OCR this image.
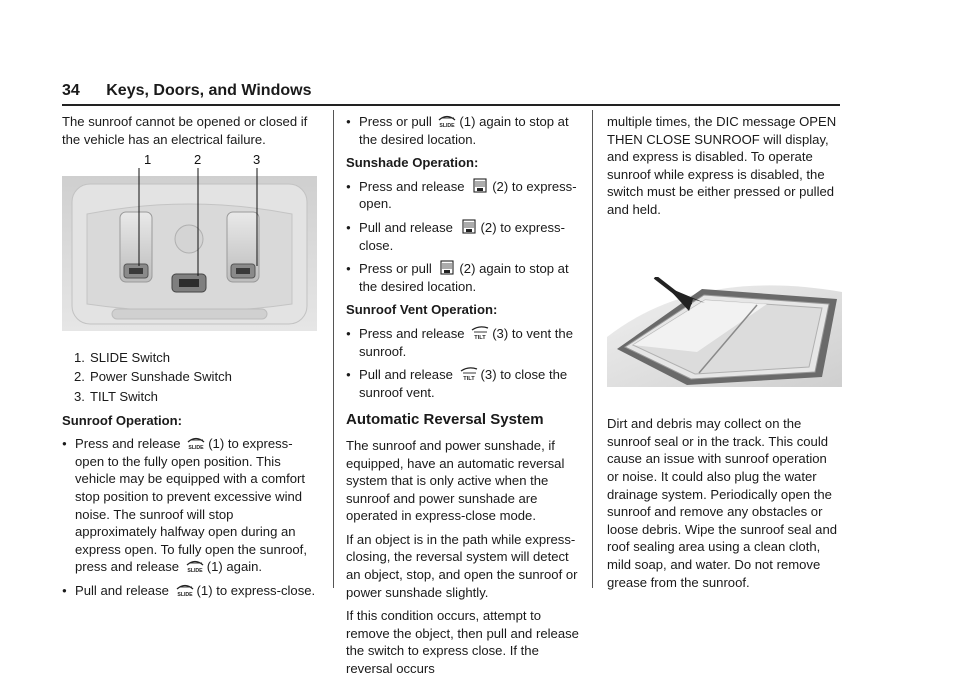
34 Keys, Doors, and Windows

The sunroof cannot be opened or closed if the vehicle has an electrical failure.

1	2	3
1. SLIDE Switch
2. Power Sunshade Switch
3. TILT Switch
Sunroof Operation:
● Press and release (1) to express-open to the fully open position. This vehicle may be equipped with a comfort stop position to prevent excessive wind noise. The sunroof will stop approximately halfway open during an express open. To fully open the sunroof, press and release (1) again.
● Pull and release (1) to express-close.
● Press or pull (1) again to stop at the desired location.
Sunshade Operation:
● Press and release (2) to express-open.
● Pull and release (2) to express-close.
● Press or pull (2) again to stop at the desired location.
Sunroof Vent Operation:
● Press and release (3) to vent the sunroof.
● Pull and release (3) to close the sunroof vent.
Automatic Reversal System

The sunroof and power sunshade, if equipped, have an automatic reversal system that is only active when the sunroof and power sunshade are operated in express-close mode.

If an object is in the path while express-closing, the reversal system will detect an object, stop, and open the sunroof or power sunshade slightly.

If this condition occurs, attempt to remove the object, then pull and release the switch to express close. If the reversal occurs

multiple times, the DIC message OPEN THEN CLOSE SUNROOF will display, and express is disabled. To operate sunroof while express is disabled, the switch must be either pressed or pulled and held.

Dirt and debris may collect on the sunroof seal or in the track. This could cause an issue with sunroof operation or noise. It could also plug the water drainage system. Periodically open the sunroof and remove any obstacles or loose debris. Wipe the sunroof seal and roof sealing area using a clean cloth, mild soap, and water. Do not remove grease from the sunroof.
